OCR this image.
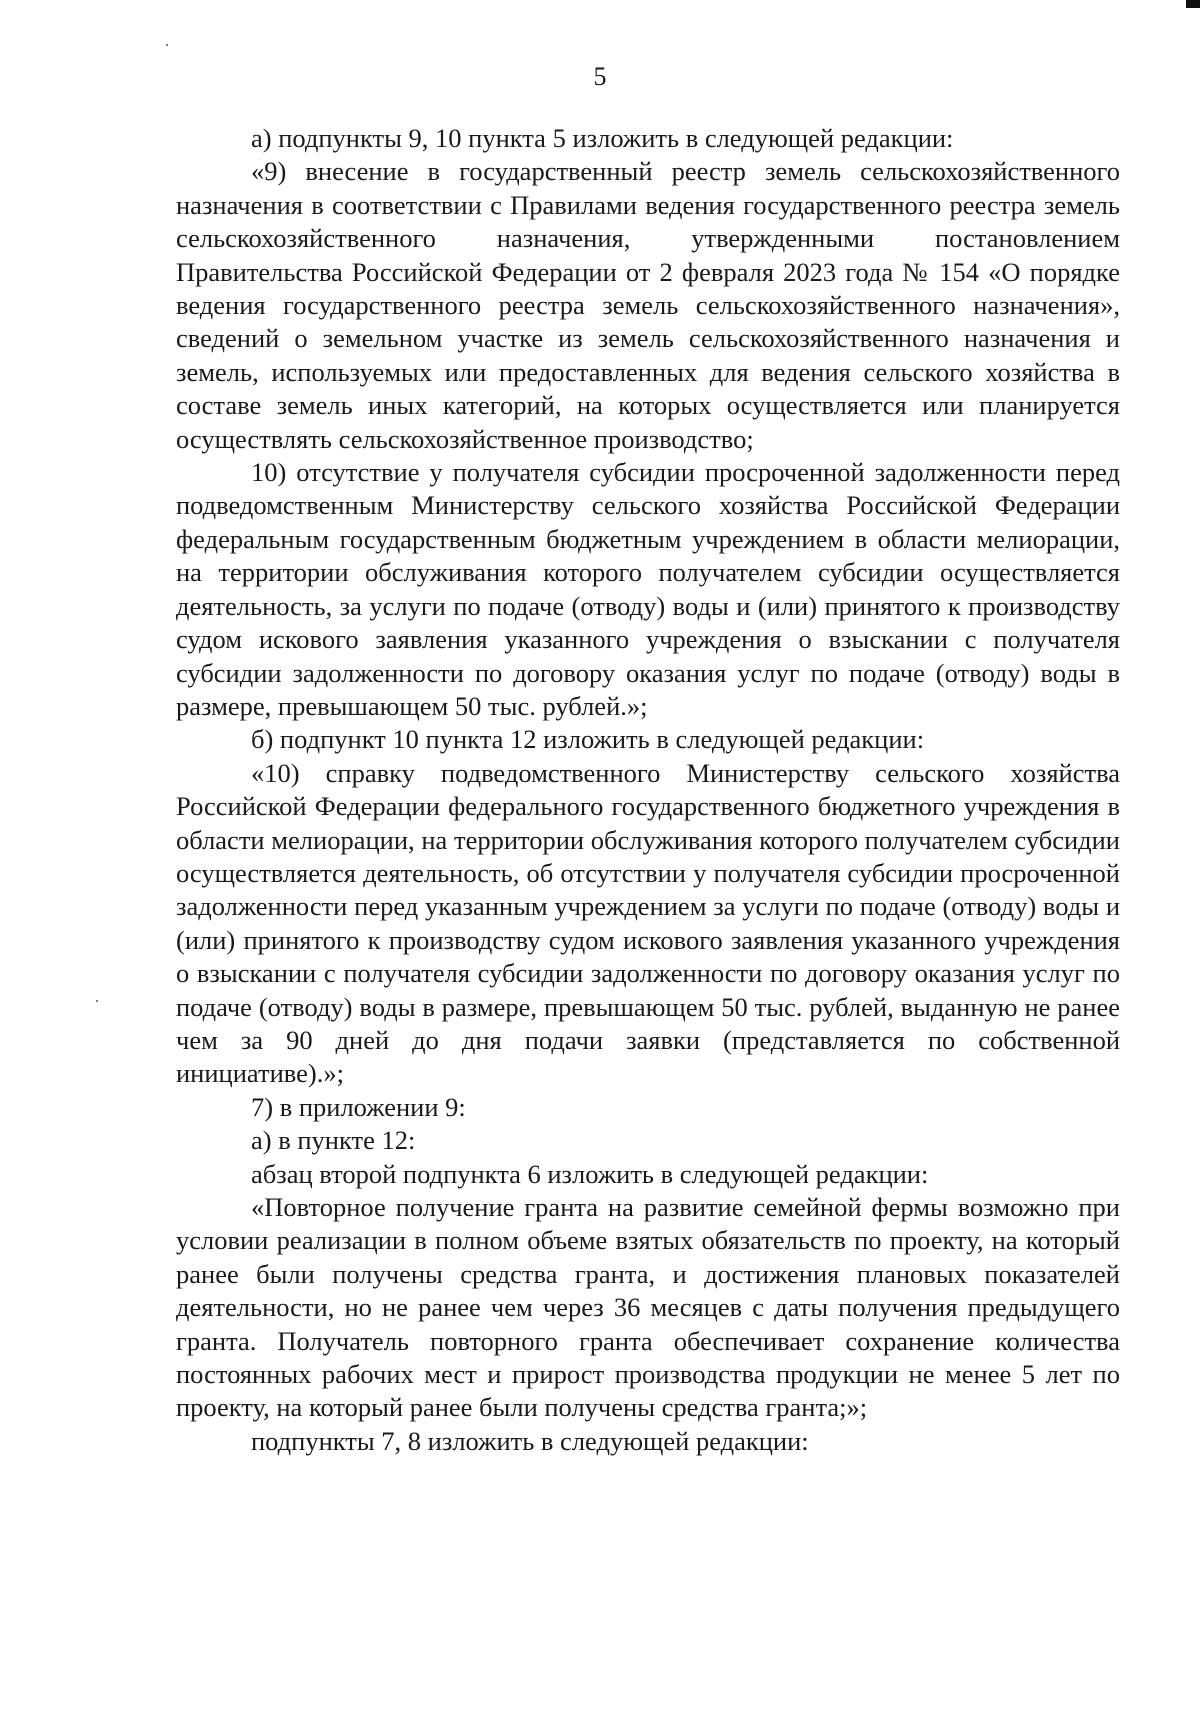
5

а) подпункты 9, 10 пункта 5 изложить в следующей редакции:

«9) внесение в государственный реестр земель сельскохозяйственного назначения в соответствии с Правилами ведения государственного реестра земель сельскохозяйственного назначения, утвержденными постановлением Правительства Российской Федерации от 2 февраля 2023 года № 154 «О порядке ведения государственного реестра земель сельскохозяйственного назначения», сведений о земельном участке из земель сельскохозяйственного назначения и земель, используемых или предоставленных для ведения сельского хозяйства в составе земель иных категорий, на которых осуществляется или планируется осуществлять сельскохозяйственное производство;

10) отсутствие у получателя субсидии просроченной задолженности перед подведомственным Министерству сельского хозяйства Российской Федерации федеральным государственным бюджетным учреждением в области мелиорации, на территории обслуживания которого получателем субсидии осуществляется деятельность, за услуги по подаче (отводу) воды и (или) принятого к производству судом искового заявления указанного учреждения о взыскании с получателя субсидии задолженности по договору оказания услуг по подаче (отводу) воды в размере, превышающем 50 тыс. рублей.»;

б) подпункт 10 пункта 12 изложить в следующей редакции:

«10) справку подведомственного Министерству сельского хозяйства Российской Федерации федерального государственного бюджетного учреждения в области мелиорации, на территории обслуживания которого получателем субсидии осуществляется деятельность, об отсутствии у получателя субсидии просроченной задолженности перед указанным учреждением за услуги по подаче (отводу) воды и (или) принятого к производству судом искового заявления указанного учреждения о взыскании с получателя субсидии задолженности по договору оказания услуг по подаче (отводу) воды в размере, превышающем 50 тыс. рублей, выданную не ранее чем за 90 дней до дня подачи заявки (представляется по собственной инициативе).»;

7) в приложении 9:

а) в пункте 12:

абзац второй подпункта 6 изложить в следующей редакции:

«Повторное получение гранта на развитие семейной фермы возможно при условии реализации в полном объеме взятых обязательств по проекту, на который ранее были получены средства гранта, и достижения плановых показателей деятельности, но не ранее чем через 36 месяцев с даты получения предыдущего гранта. Получатель повторного гранта обеспечивает сохранение количества постоянных рабочих мест и прирост производства продукции не менее 5 лет по проекту, на который ранее были получены средства гранта;»;

подпункты 7, 8 изложить в следующей редакции:
